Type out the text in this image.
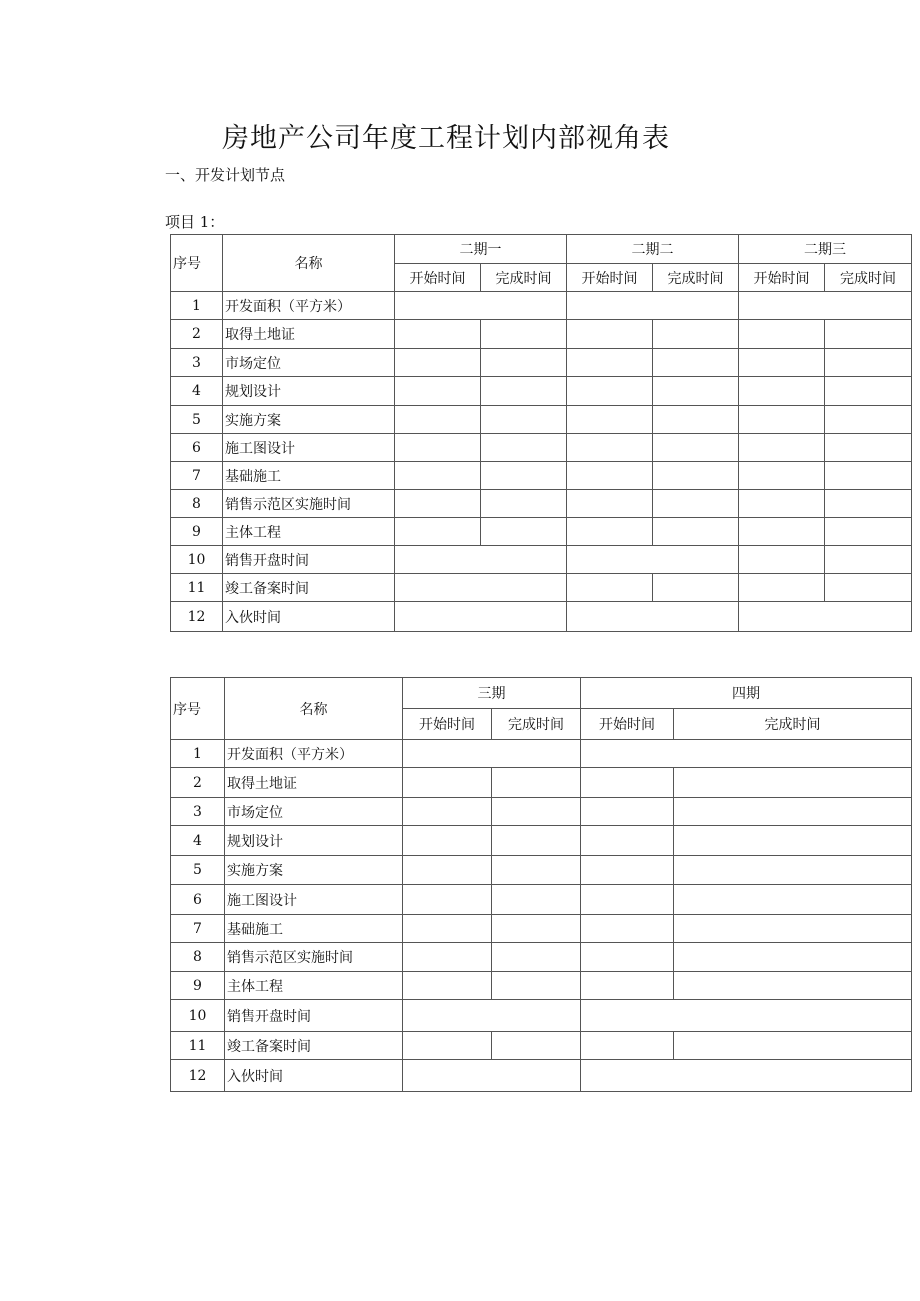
房地产公司年度工程计划内部视角表
一、开发计划节点
项目 1：
序号	名称	二期一		二期二		二期三	
		开始时间	完成时间	开始时间	完成时间	开始时间	完成时间
1	开发面积（平方米）						
2	取得土地证						
3	市场定位						
4	规划设计						
5	实施方案						
6	施工图设计						
7	基础施工						
8	销售示范区实施时间						
9	主体工程						
10	销售开盘时间						
11	竣工备案时间						
12	入伙时间						
序号	名称	三期		四期	
		开始时间	完成时间	开始时间	完成时间
1	开发面积（平方米）				
2	取得土地证				
3	市场定位				
4	规划设计				
5	实施方案				
6	施工图设计				
7	基础施工				
8	销售示范区实施时间				
9	主体工程				
10	销售开盘时间				
11	竣工备案时间				
12	入伙时间				
